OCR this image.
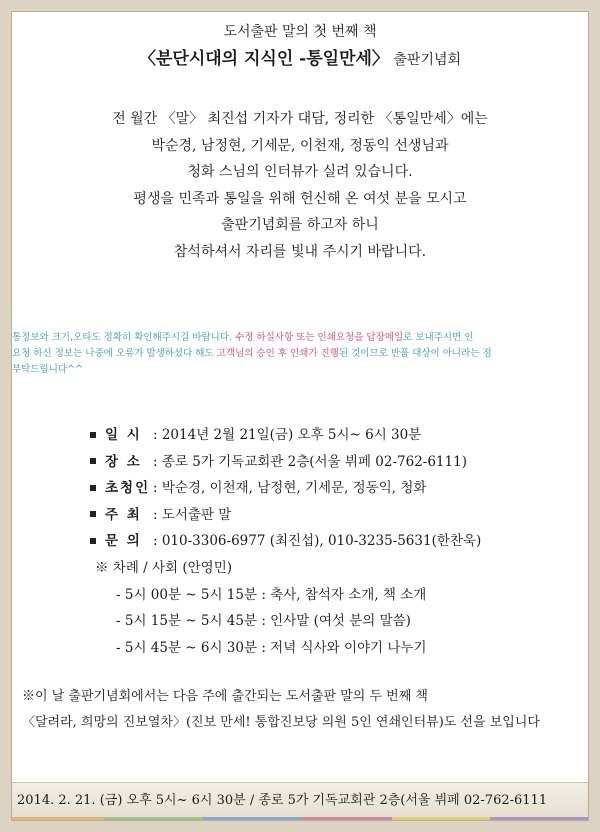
도서출판 말의 첫 번째 책
〈분단시대의 지식인 -통일만세〉 출판기념회
전 월간 〈말〉 최진섭 기자가 대담, 정리한 〈통일만세〉에는
박순경, 남정현, 기세문, 이천재, 정동익 선생님과
청화 스님의 인터뷰가 실려 있습니다.
평생을 민족과 통일을 위해 헌신해 온 여섯 분을 모시고
출판기념회를 하고자 하니
참석하셔서 자리를 빛내 주시기 바랍니다.
통정보와 크기,오타도 정확히 확인해주시길 바랍니다. 수정 하실사항 또는 인쇄요청을 답장메일로 보내주시면 인
요청 하신 정보는 나중에 오류가 발생하셨다 해도 고객님의 승인 후 인쇄가 진행된 것이므로 반품 대상이 아니라는 점
부탁드립니다^^
일 시 : 2014년 2월 21일(금) 오후 5시~ 6시 30분
장 소 : 종로 5가 기독교회관 2층(서울 뷔페 02-762-6111)
초청인 : 박순경, 이천재, 남정현, 기세문, 정동익, 청화
주 최 : 도서출판 말
문 의 : 010-3306-6977 (최진섭), 010-3235-5631(한찬욱)
※ 차례 / 사회 (안영민)
- 5시 00분 ~ 5시 15분 : 축사, 참석자 소개, 책 소개
- 5시 15분 ~ 5시 45분 : 인사말 (여섯 분의 말씀)
- 5시 45분 ~ 6시 30분 : 저녁 식사와 이야기 나누기
※이 날 출판기념회에서는 다음 주에 출간되는 도서출판 말의 두 번째 책
〈달려라, 희망의 진보열차〉(진보 만세! 통합진보당 의원 5인 연쇄인터뷰)도 선을 보입니다
2014. 2. 21. (금) 오후 5시~ 6시 30분 / 종로 5가 기독교회관 2층(서울 뷔페 02-762-6111
